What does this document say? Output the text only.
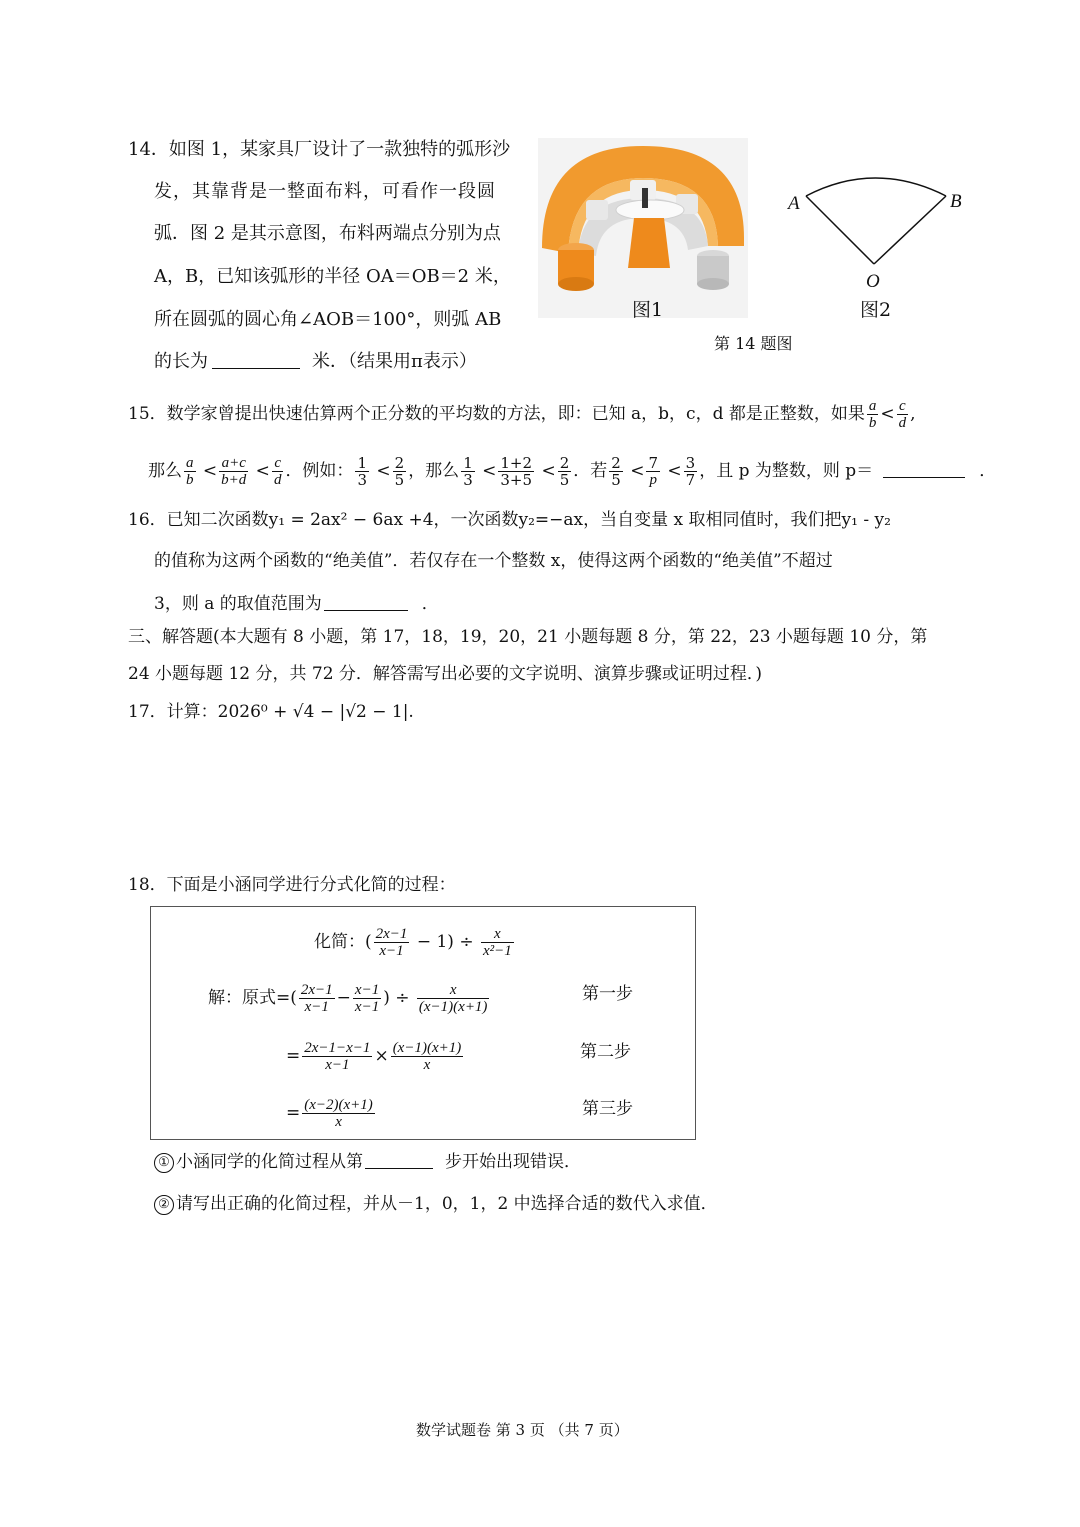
14．如图 1，某家具厂设计了一款独特的弧形沙
发，其靠背是一整面布料，可看作一段圆
弧．图 2 是其示意图，布料两端点分别为点
A，B，已知该弧形的半径 OA＝OB＝2 米，
所在圆弧的圆心角∠AOB＝100°，则弧 AB
的长为	米．（结果用π表示）
图1
A	B
O
图2
第 14 题图
15．数学家曾提出快速估算两个正分数的平均数的方法，即：已知 a，b，c，d 都是正整数，如果 $\frac{a}{b} < \frac{c}{d}$ ,
那么 $\frac{a}{b} < \frac{a+c}{b+d} < \frac{c}{d}$ ．例如： $\frac{1}{3} < \frac{2}{5}$ ，那么 $\frac{1}{3} < \frac{1+2}{3+5} < \frac{2}{5}$ ．若 $\frac{2}{5} < \frac{7}{p} < \frac{3}{7}$ ，且 p 为整数，则 p＝	．
16．已知二次函数y₁ = 2ax² − 6ax +4，一次函数y₂=−ax，当自变量 x 取相同值时，我们把y₁ - y₂
的值称为这两个函数的“绝美值”．若仅存在一个整数 x，使得这两个函数的“绝美值”不超过
3，则 a 的取值范围为	．
三、解答题(本大题有 8 小题，第 17，18，19，20，21 小题每题 8 分，第 22，23 小题每题 10 分，第
24 小题每题 12 分，共 72 分．解答需写出必要的文字说明、演算步骤或证明过程．)
17．计算：2026⁰ + √4 − |√2 − 1|.
18．下面是小涵同学进行分式化简的过程：
化简：( $\frac{2x-1}{x-1} - 1) \div \frac{x}{\text{x²−1}}$
解：原式=( $\frac{2x-1}{x-1} - \frac{x-1}{x-1}$ ) ÷ $\frac{x}{(x-1)(x+1)}$	第一步
= $\frac{2x-1-x-1}{x-1} \times \frac{(x-1)(x+1)}{x}$	第二步
= $\frac{(x-2)(x+1)}{x}$	第三步
① 小涵同学的化简过程从第	步开始出现错误．
② 请写出正确的化简过程，并从－1，0，1，2 中选择合适的数代入求值．
数学试题卷 第 3 页 （共 7 页）
